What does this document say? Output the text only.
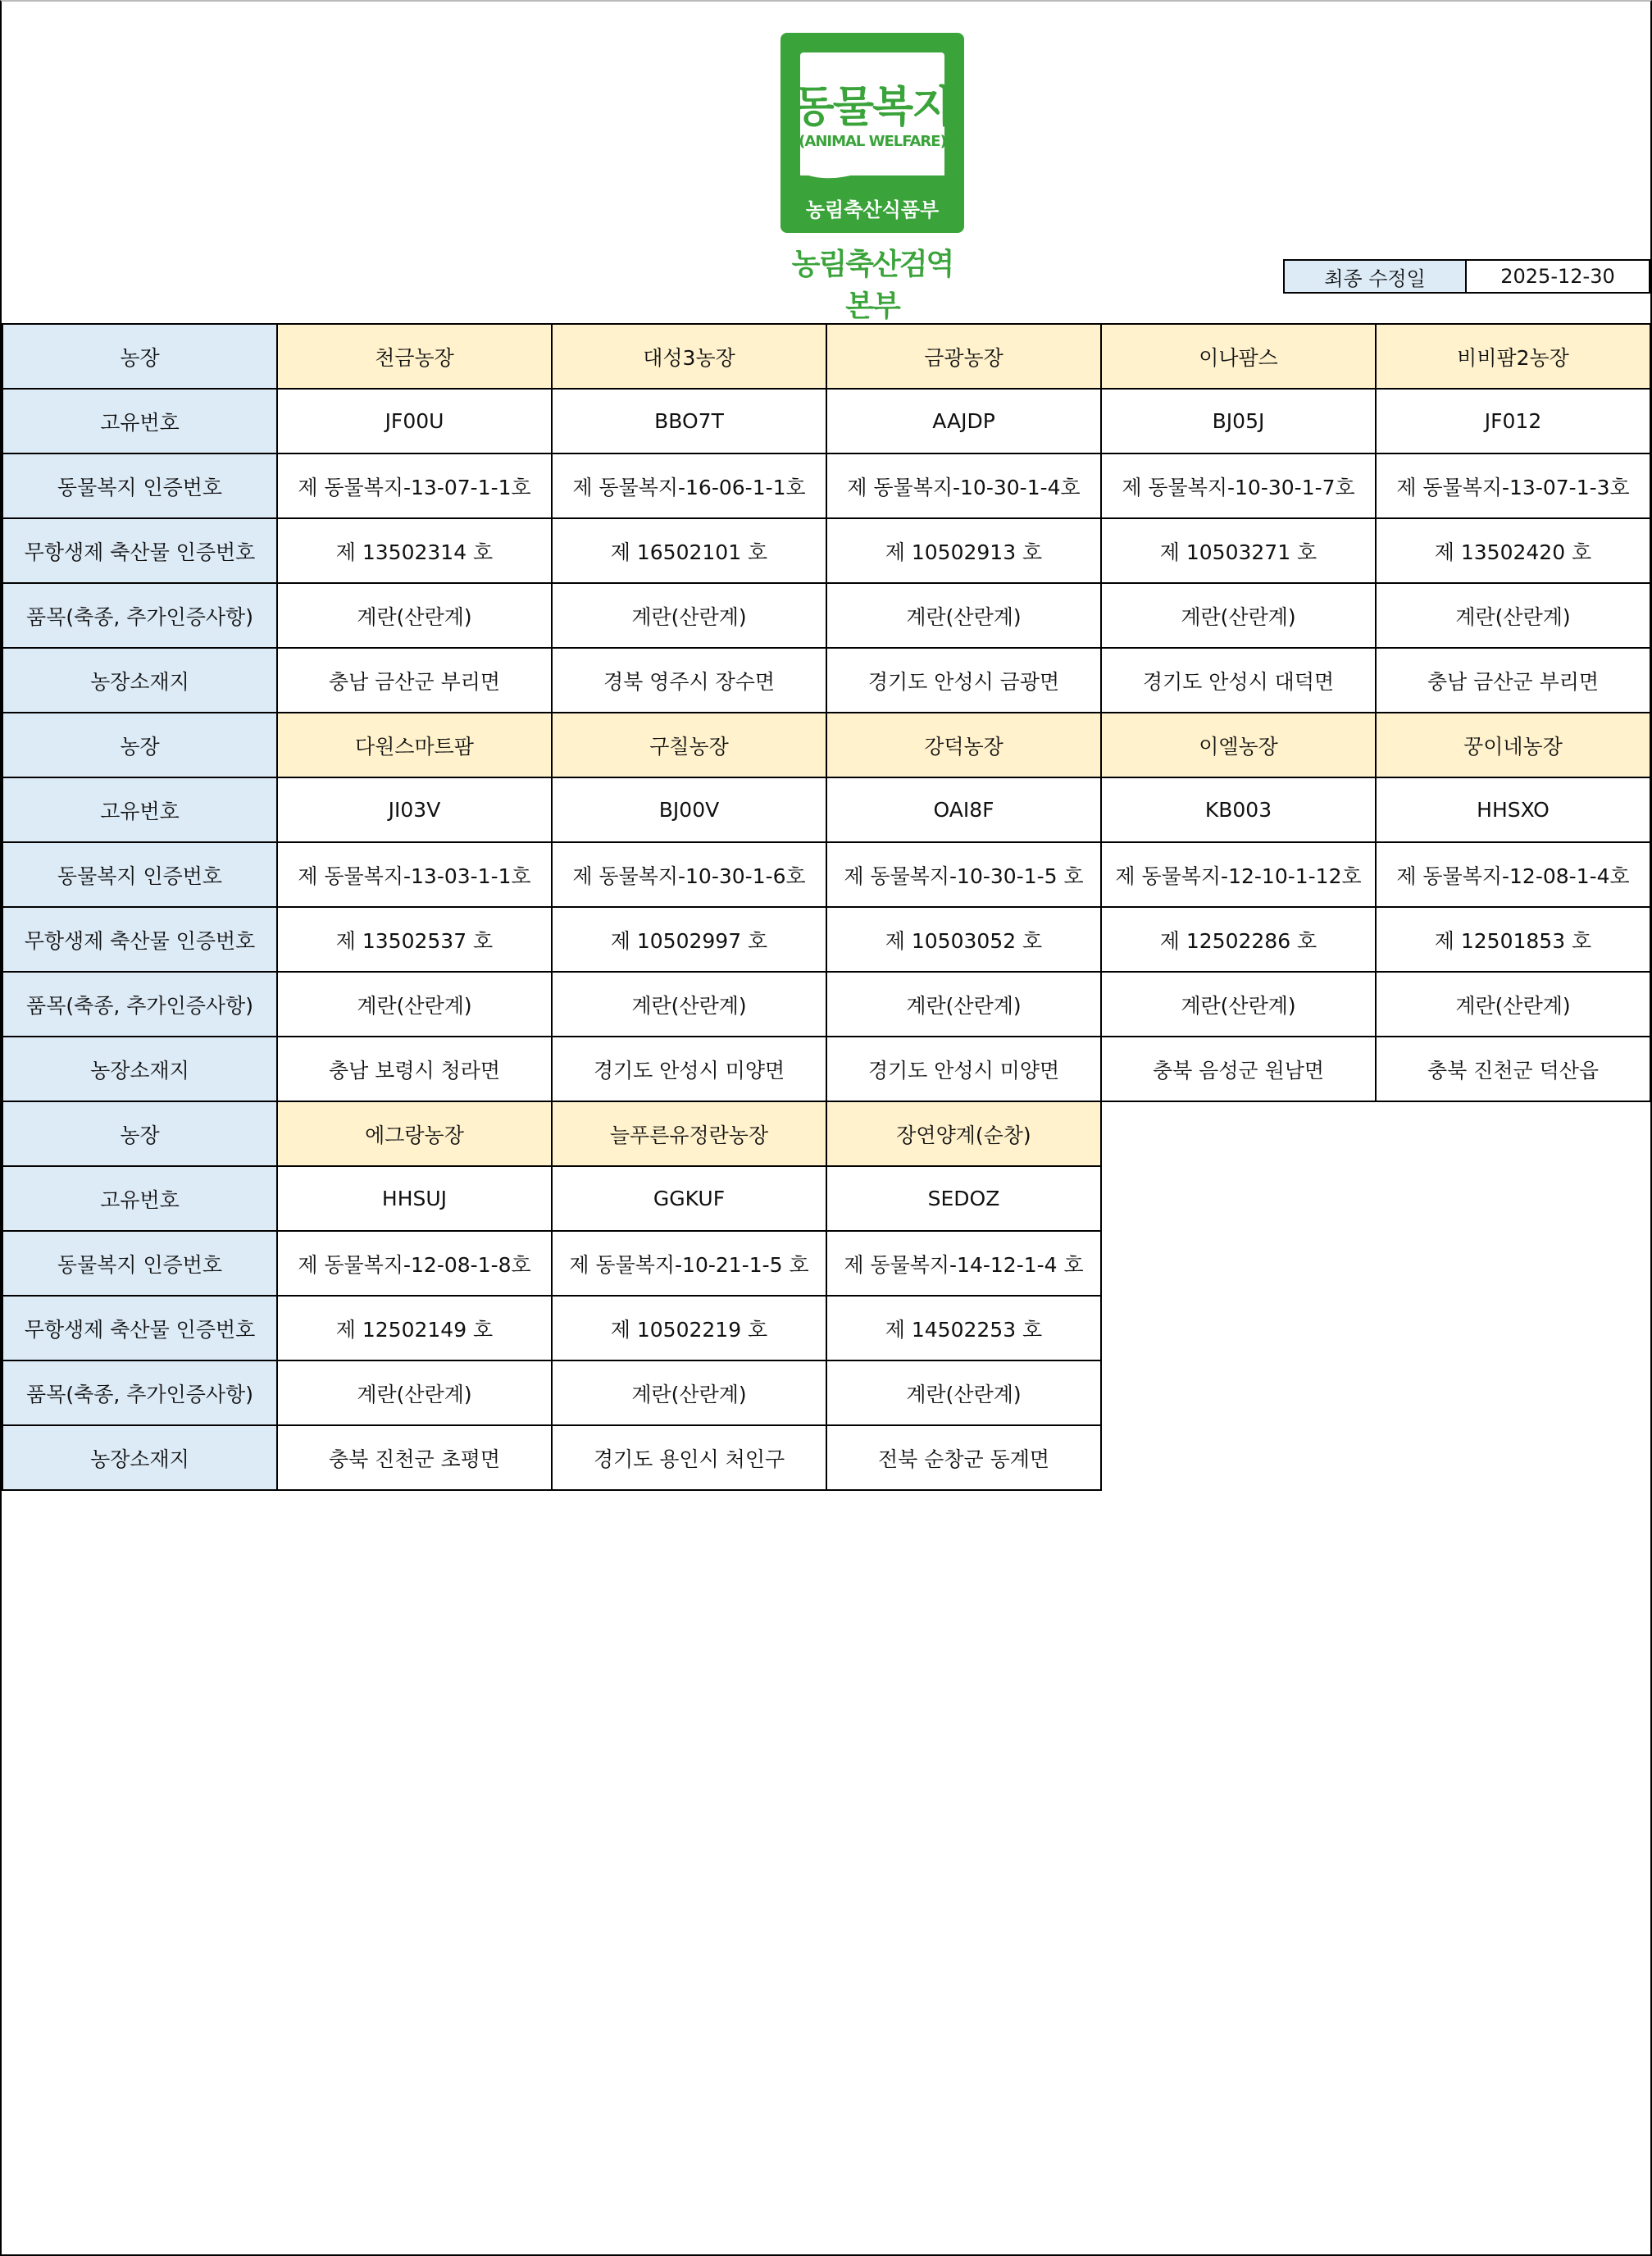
동물복지
(ANIMAL WELFARE)
농림축산식품부
농림축산검역본부
최종 수정일	2025-12-30
농장	천금농장	대성3농장	금광농장	이나팜스	비비팜2농장
고유번호	JF00U	BBO7T	AAJDP	BJ05J	JF012
동물복지 인증번호	제 동물복지-13-07-1-1호	제 동물복지-16-06-1-1호	제 동물복지-10-30-1-4호	제 동물복지-10-30-1-7호	제 동물복지-13-07-1-3호
무항생제 축산물 인증번호	제 13502314 호	제 16502101 호	제 10502913 호	제 10503271 호	제 13502420 호
품목(축종, 추가인증사항)	계란(산란계)	계란(산란계)	계란(산란계)	계란(산란계)	계란(산란계)
농장소재지	충남 금산군 부리면	경북 영주시 장수면	경기도 안성시 금광면	경기도 안성시 대덕면	충남 금산군 부리면
농장	다원스마트팜	구칠농장	강덕농장	이엘농장	꿍이네농장
고유번호	JI03V	BJ00V	OAI8F	KB003	HHSXO
동물복지 인증번호	제 동물복지-13-03-1-1호	제 동물복지-10-30-1-6호	제 동물복지-10-30-1-5 호	제 동물복지-12-10-1-12호	제 동물복지-12-08-1-4호
무항생제 축산물 인증번호	제 13502537 호	제 10502997 호	제 10503052 호	제 12502286 호	제 12501853 호
품목(축종, 추가인증사항)	계란(산란계)	계란(산란계)	계란(산란계)	계란(산란계)	계란(산란계)
농장소재지	충남 보령시 청라면	경기도 안성시 미양면	경기도 안성시 미양면	충북 음성군 원남면	충북 진천군 덕산읍
농장	에그랑농장	늘푸른유정란농장	장연양계(순창)		
고유번호	HHSUJ	GGKUF	SEDOZ		
동물복지 인증번호	제 동물복지-12-08-1-8호	제 동물복지-10-21-1-5 호	제 동물복지-14-12-1-4 호		
무항생제 축산물 인증번호	제 12502149 호	제 10502219 호	제 14502253 호		
품목(축종, 추가인증사항)	계란(산란계)	계란(산란계)	계란(산란계)		
농장소재지	충북 진천군 초평면	경기도 용인시 처인구	전북 순창군 동계면		
